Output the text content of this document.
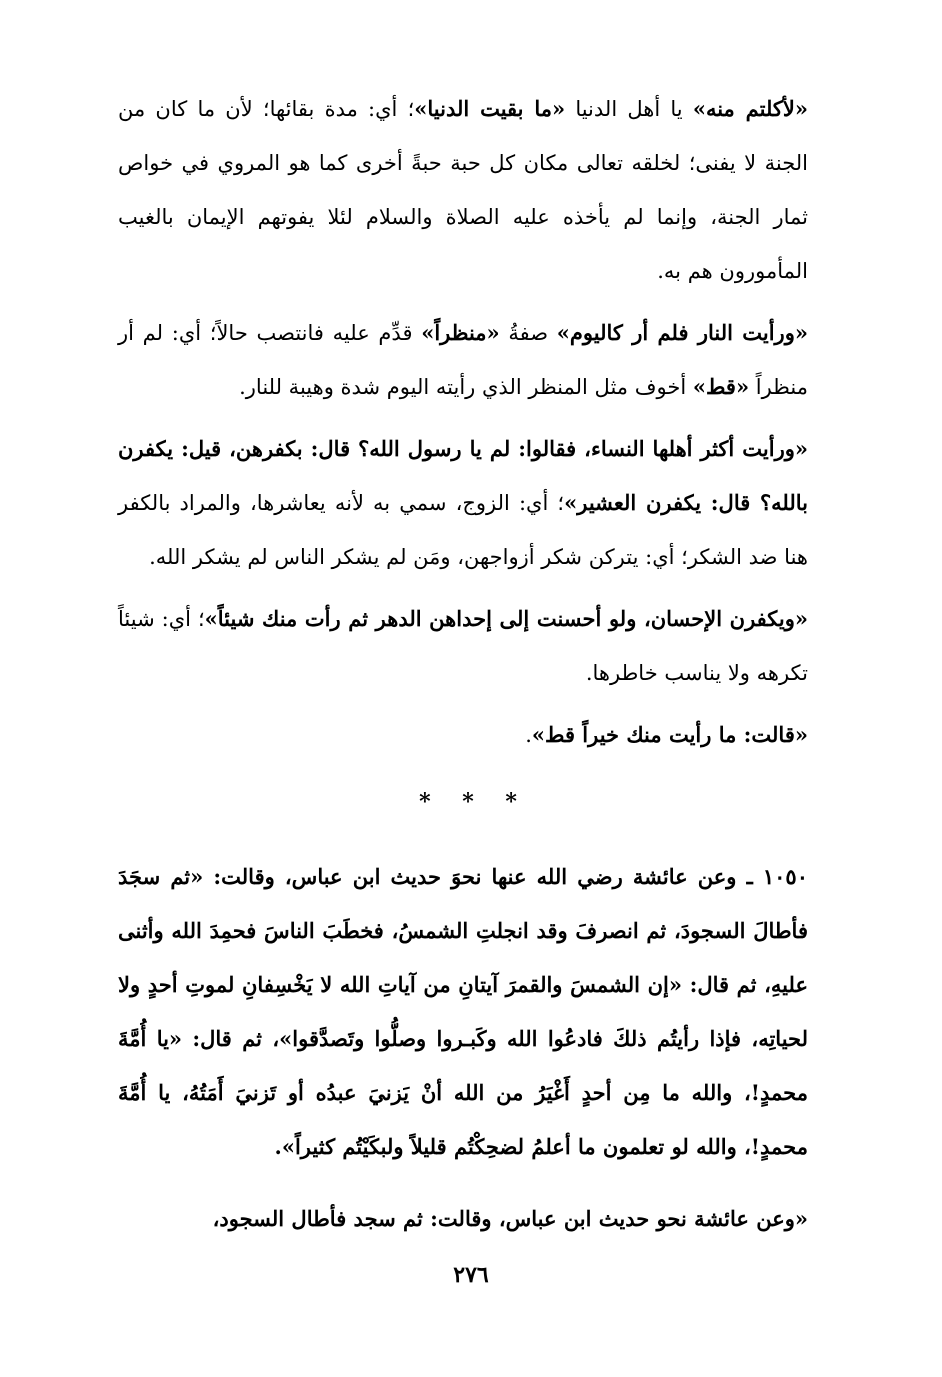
«لأكلتم منه» يا أهل الدنيا «ما بقيت الدنيا»؛ أي: مدة بقائها؛ لأن ما كان من الجنة لا يفنى؛ لخلقه تعالى مكان كل حبة حبةً أخرى كما هو المروي في خواص ثمار الجنة، وإنما لم يأخذه عليه الصلاة والسلام لئلا يفوتهم الإيمان بالغيب المأمورون هم به.
«ورأيت النار فلم أر كاليوم» صفةُ «منظراً» قدِّم عليه فانتصب حالاً؛ أي: لم أر منظراً «قط» أخوف مثل المنظر الذي رأيته اليوم شدة وهيبة للنار.
«ورأيت أكثر أهلها النساء، فقالوا: لم يا رسول الله؟ قال: بكفرهن، قيل: يكفرن بالله؟ قال: يكفرن العشير»؛ أي: الزوج، سمي به لأنه يعاشرها، والمراد بالكفر هنا ضد الشكر؛ أي: يتركن شكر أزواجهن، ومَن لم يشكر الناس لم يشكر الله.
«ويكفرن الإحسان، ولو أحسنت إلى إحداهن الدهر ثم رأت منك شيئاً»؛ أي: شيئاً تكرهه ولا يناسب خاطرها.
«قالت: ما رأيت منك خيراً قط».
* * *
١٠٥٠ ـ وعن عائشة رضي الله عنها نحوَ حديث ابن عباس، وقالت: «ثم سجَدَ فأطالَ السجودَ، ثم انصرفَ وقد انجلتِ الشمسُ، فخطَبَ الناسَ فحمِدَ الله وأثنى عليهِ، ثم قال: «إن الشمسَ والقمرَ آيتانِ من آياتِ الله لا يَخْسِفانِ لموتِ أحدٍ ولا لحياتِه، فإذا رأيتُم ذلكَ فادعُوا الله وكَبـروا وصلُّوا وتَصدَّقوا»، ثم قال: «يا أُمَّةَ محمدٍ!، والله ما مِن أحدٍ أَغْيَرُ من الله أنْ يَزنيَ عبدُه أو تَزنيَ أَمَتُهُ، يا أُمَّةَ محمدٍ!، والله لو تعلمون ما أعلمُ لضحِكْتُم قليلاً ولبكَيْتُم كثيراً».
«وعن عائشة نحو حديث ابن عباس، وقالت: ثم سجد فأطال السجود،
٢٧٦
